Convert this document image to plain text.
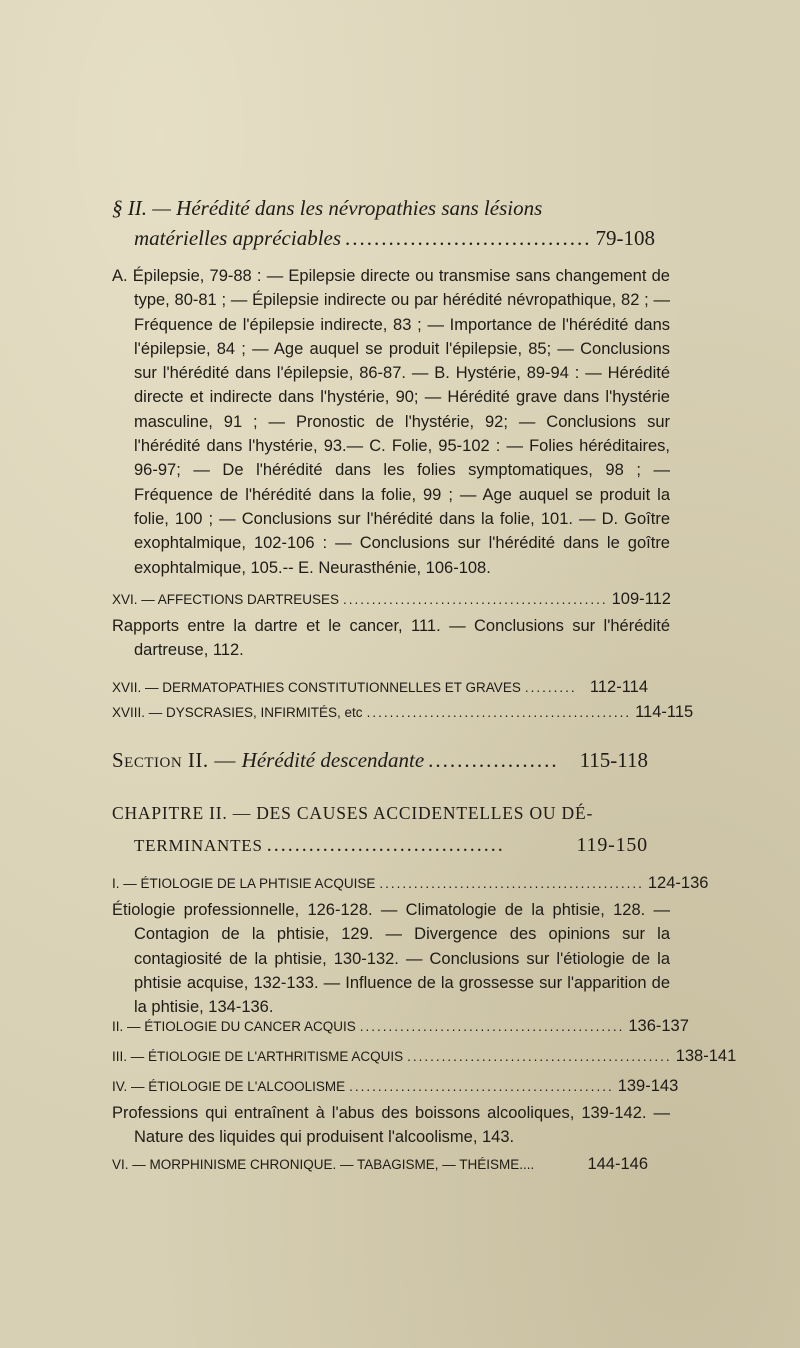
§ II. — Hérédité dans les névropathies sans lésions
matérielles appréciables .................................. 79-108
A. Épilepsie, 79-88 : — Epilepsie directe ou transmise sans changement de type, 80-81 ; — Épilepsie indirecte ou par hérédité névropathique, 82 ; — Fréquence de l'épilepsie indirecte, 83 ; — Importance de l'hérédité dans l'épilepsie, 84 ; — Age auquel se produit l'épilepsie, 85; — Conclusions sur l'hérédité dans l'épilepsie, 86-87. — B. Hystérie, 89-94 : — Hérédité directe et indirecte dans l'hystérie, 90; — Hérédité grave dans l'hystérie masculine, 91 ; — Pronostic de l'hystérie, 92; — Conclusions sur l'hérédité dans l'hystérie, 93.— C. Folie, 95-102 : — Folies héréditaires, 96-97; — De l'hérédité dans les folies symptomatiques, 98 ; — Fréquence de l'hérédité dans la folie, 99 ; — Age auquel se produit la folie, 100 ; — Conclusions sur l'hérédité dans la folie, 101. — D. Goître exophtalmique, 102-106 : — Conclusions sur l'hérédité dans le goître exophtalmique, 105.-- E. Neurasthénie, 106-108.
XVI. — AFFECTIONS DARTREUSES .............................................. 109-112
Rapports entre la dartre et le cancer, 111. — Conclusions sur l'hérédité dartreuse, 112.
XVII. — DERMATOPATHIES CONSTITUTIONNELLES ET GRAVES ......... 112-114
XVIII. — DYSCRASIES, INFIRMITÉS, etc .............................................. 114-115
Section II. — Hérédité descendante .................. 115-118
CHAPITRE II. — DES CAUSES ACCIDENTELLES OU DÉ-
TERMINANTES ..................................	119-150
I. — ÉTIOLOGIE DE LA PHTISIE ACQUISE .............................................. 124-136
Étiologie professionnelle, 126-128. — Climatologie de la phtisie, 128. — Contagion de la phtisie, 129. — Divergence des opinions sur la contagiosité de la phtisie, 130-132. — Conclusions sur l'étiologie de la phtisie acquise, 132-133. — Influence de la grossesse sur l'apparition de la phtisie, 134-136.
II. — ÉTIOLOGIE DU CANCER ACQUIS .............................................. 136-137
III. — ÉTIOLOGIE DE L'ARTHRITISME ACQUIS .............................................. 138-141
IV. — ÉTIOLOGIE DE L'ALCOOLISME .............................................. 139-143
Professions qui entraînent à l'abus des boissons alcooliques, 139-142. — Nature des liquides qui produisent l'alcoolisme, 143.
VI. — MORPHINISME CHRONIQUE. — TABAGISME, — THÉISME....	144-146
